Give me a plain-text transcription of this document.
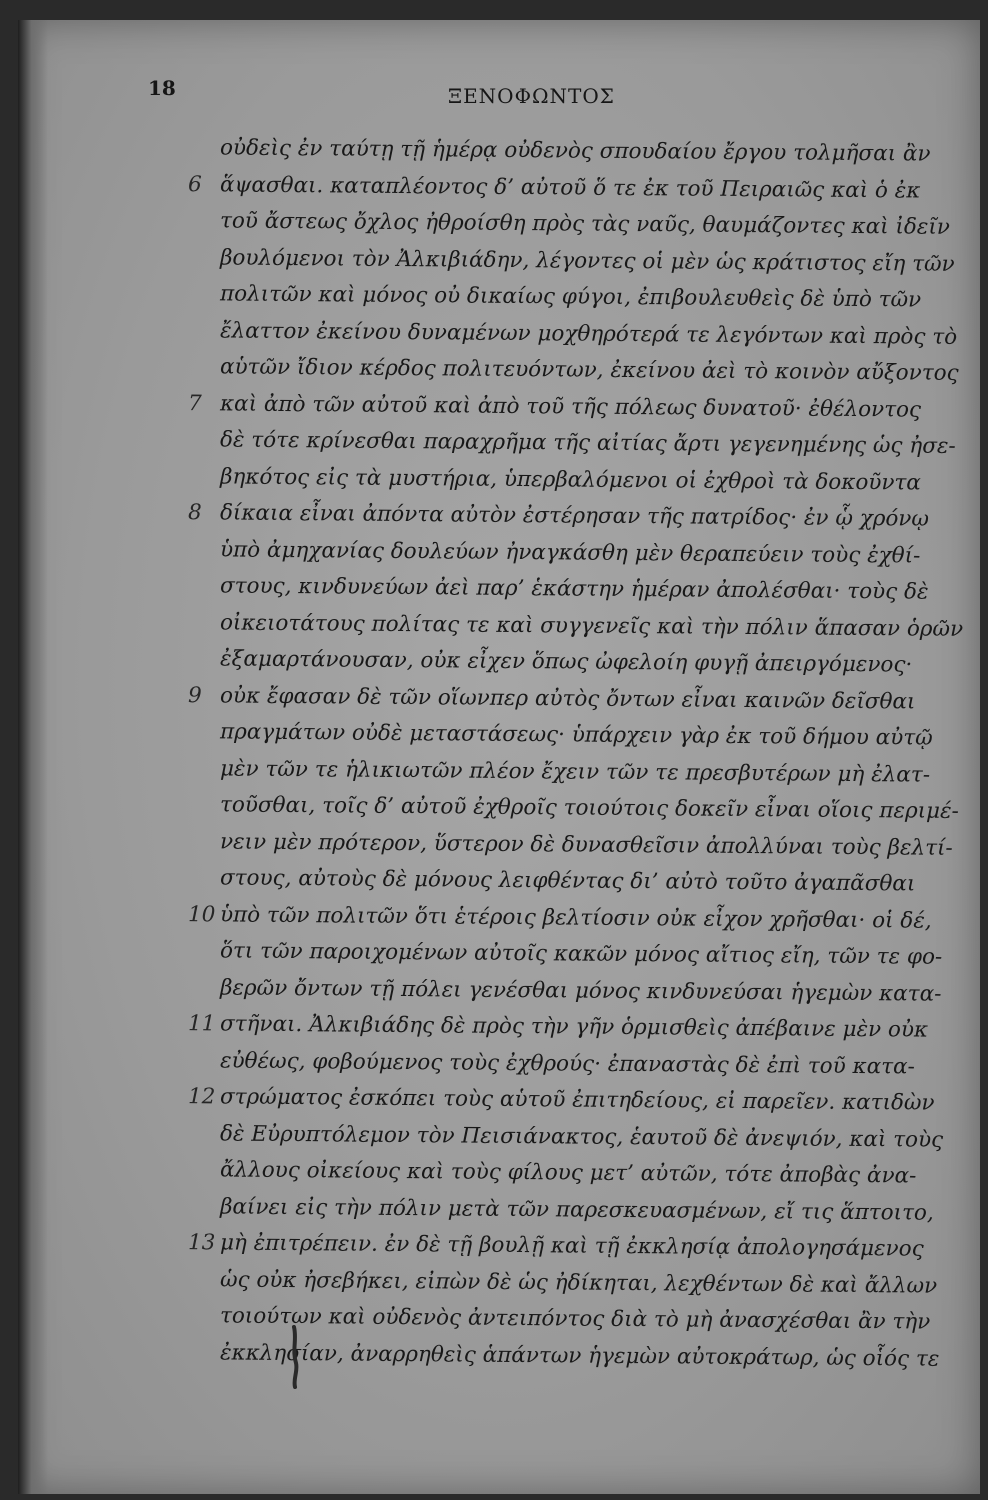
18	ΞΕΝΟΦΩΝΤΟΣ
οὐδεὶς ἐν ταύτῃ τῇ ἡμέρᾳ οὐδενὸς σπουδαίου ἔργου τολμῆσαι ἂν
6 ἅψασθαι. καταπλέοντος δ’ αὐτοῦ ὅ τε ἐκ τοῦ Πειραιῶς καὶ ὁ ἐκ
τοῦ ἄστεως ὄχλος ἠθροίσθη πρὸς τὰς ναῦς, θαυμάζοντες καὶ ἰδεῖν
βουλόμενοι τὸν Ἀλκιβιάδην, λέγοντες οἱ μὲν ὡς κράτιστος εἴη τῶν
πολιτῶν καὶ μόνος οὐ δικαίως φύγοι, ἐπιβουλευθεὶς δὲ ὑπὸ τῶν
ἔλαττον ἐκείνου δυναμένων μοχθηρότερά τε λεγόντων καὶ πρὸς τὸ
αὑτῶν ἴδιον κέρδος πολιτευόντων, ἐκείνου ἀεὶ τὸ κοινὸν αὔξοντος
7 καὶ ἀπὸ τῶν αὐτοῦ καὶ ἀπὸ τοῦ τῆς πόλεως δυνατοῦ· ἐθέλοντος
δὲ τότε κρίνεσθαι παραχρῆμα τῆς αἰτίας ἄρτι γεγενημένης ὡς ἠσε-
βηκότος εἰς τὰ μυστήρια, ὑπερβαλόμενοι οἱ ἐχθροὶ τὰ δοκοῦντα
8 δίκαια εἶναι ἀπόντα αὐτὸν ἐστέρησαν τῆς πατρίδος· ἐν ᾧ χρόνῳ
ὑπὸ ἀμηχανίας δουλεύων ἠναγκάσθη μὲν θεραπεύειν τοὺς ἐχθί-
στους, κινδυνεύων ἀεὶ παρ’ ἑκάστην ἡμέραν ἀπολέσθαι· τοὺς δὲ
οἰκειοτάτους πολίτας τε καὶ συγγενεῖς καὶ τὴν πόλιν ἅπασαν ὁρῶν
ἐξαμαρτάνουσαν, οὐκ εἶχεν ὅπως ὠφελοίη φυγῇ ἀπειργόμενος·
9 οὐκ ἔφασαν δὲ τῶν οἵωνπερ αὐτὸς ὄντων εἶναι καινῶν δεῖσθαι
πραγμάτων οὐδὲ μεταστάσεως· ὑπάρχειν γὰρ ἐκ τοῦ δήμου αὐτῷ
μὲν τῶν τε ἡλικιωτῶν πλέον ἔχειν τῶν τε πρεσβυτέρων μὴ ἐλατ-
τοῦσθαι, τοῖς δ’ αὐτοῦ ἐχθροῖς τοιούτοις δοκεῖν εἶναι οἵοις περιμέ-
νειν μὲν πρότερον, ὕστερον δὲ δυνασθεῖσιν ἀπολλύναι τοὺς βελτί-
στους, αὐτοὺς δὲ μόνους λειφθέντας δι’ αὐτὸ τοῦτο ἀγαπᾶσθαι
10 ὑπὸ τῶν πολιτῶν ὅτι ἑτέροις βελτίοσιν οὐκ εἶχον χρῆσθαι· οἱ δέ,
ὅτι τῶν παροιχομένων αὐτοῖς κακῶν μόνος αἴτιος εἴη, τῶν τε φο-
βερῶν ὄντων τῇ πόλει γενέσθαι μόνος κινδυνεύσαι ἡγεμὼν κατα-
11 στῆναι. Ἀλκιβιάδης δὲ πρὸς τὴν γῆν ὁρμισθεὶς ἀπέβαινε μὲν οὐκ
εὐθέως, φοβούμενος τοὺς ἐχθρούς· ἐπαναστὰς δὲ ἐπὶ τοῦ κατα-
12 στρώματος ἐσκόπει τοὺς αὑτοῦ ἐπιτηδείους, εἰ παρεῖεν. κατιδὼν
δὲ Εὐρυπτόλεμον τὸν Πεισιάνακτος, ἑαυτοῦ δὲ ἀνεψιόν, καὶ τοὺς
ἄλλους οἰκείους καὶ τοὺς φίλους μετ’ αὐτῶν, τότε ἀποβὰς ἀνα-
βαίνει εἰς τὴν πόλιν μετὰ τῶν παρεσκευασμένων, εἴ τις ἅπτοιτο,
13 μὴ ἐπιτρέπειν. ἐν δὲ τῇ βουλῇ καὶ τῇ ἐκκλησίᾳ ἀπολογησάμενος
ὡς οὐκ ἠσεβήκει, εἰπὼν δὲ ὡς ἠδίκηται, λεχθέντων δὲ καὶ ἄλλων
τοιούτων καὶ οὐδενὸς ἀντειπόντος διὰ τὸ μὴ ἀνασχέσθαι ἂν τὴν
ἐκκλησίαν, ἀναρρηθεὶς ἁπάντων ἡγεμὼν αὐτοκράτωρ, ὡς οἷός τε
